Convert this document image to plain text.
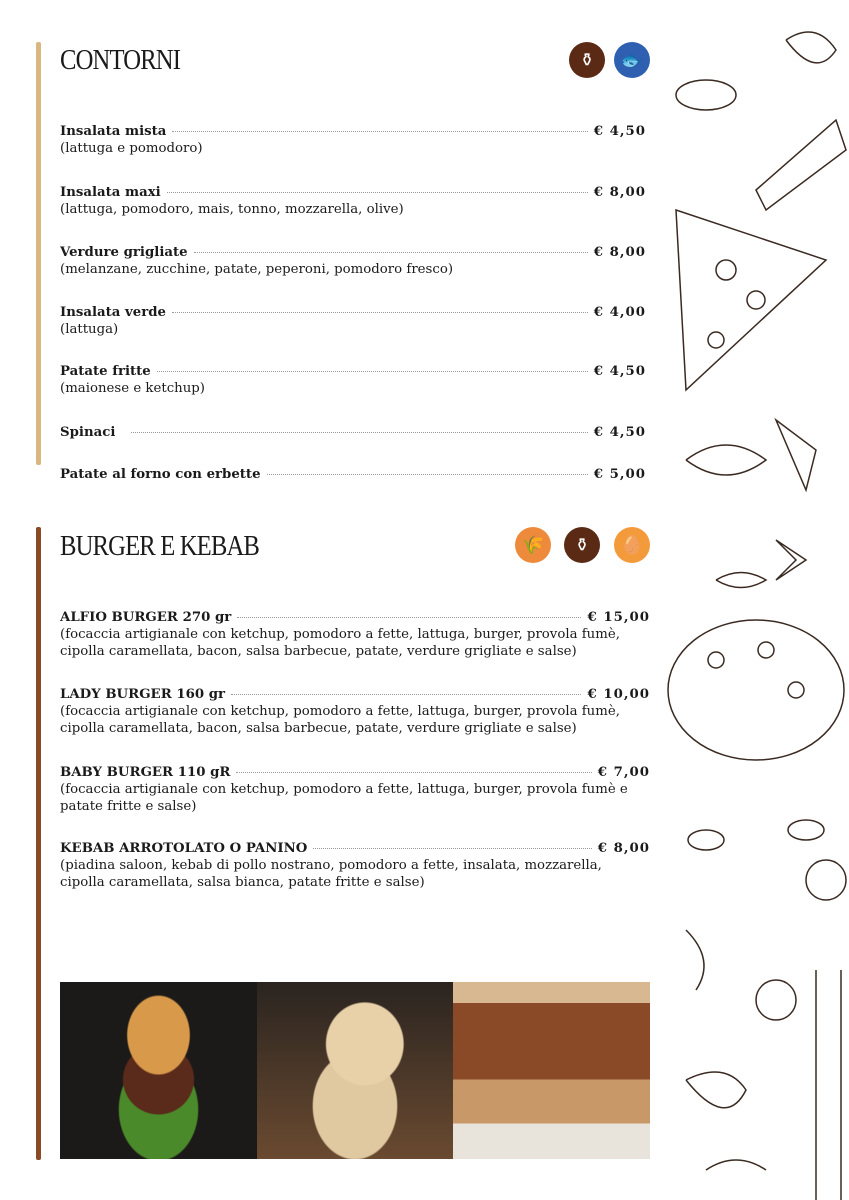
CONTORNI	⚱	🐟
Insalata mista	€ 4,50
(lattuga e pomodoro)
Insalata maxi	€ 8,00
(lattuga, pomodoro, mais, tonno, mozzarella, olive)
Verdure grigliate	€ 8,00
(melanzane, zucchine, patate, peperoni, pomodoro fresco)
Insalata verde	€ 4,00
(lattuga)
Patate fritte	€ 4,50
(maionese e ketchup)
Spinaci	€ 4,50
Patate al forno con erbette	€ 5,00
BURGER E KEBAB	🌾	⚱	🥚
ALFIO BURGER 270 gr	€ 15,00
(focaccia artigianale con ketchup, pomodoro a fette, lattuga, burger, provola fumè, cipolla caramellata, bacon, salsa barbecue, patate, verdure grigliate e salse)
LADY BURGER 160 gr	€ 10,00
(focaccia artigianale con ketchup, pomodoro a fette, lattuga, burger, provola fumè, cipolla caramellata, bacon, salsa barbecue, patate, verdure grigliate e salse)
BABY BURGER 110 gR	€ 7,00
(focaccia artigianale con ketchup, pomodoro a fette, lattuga, burger, provola fumè e patate fritte e salse)
KEBAB ARROTOLATO O PANINO	€ 8,00
(piadina saloon, kebab di pollo nostrano, pomodoro a fette, insalata, mozzarella, cipolla caramellata, salsa bianca, patate fritte e salse)
